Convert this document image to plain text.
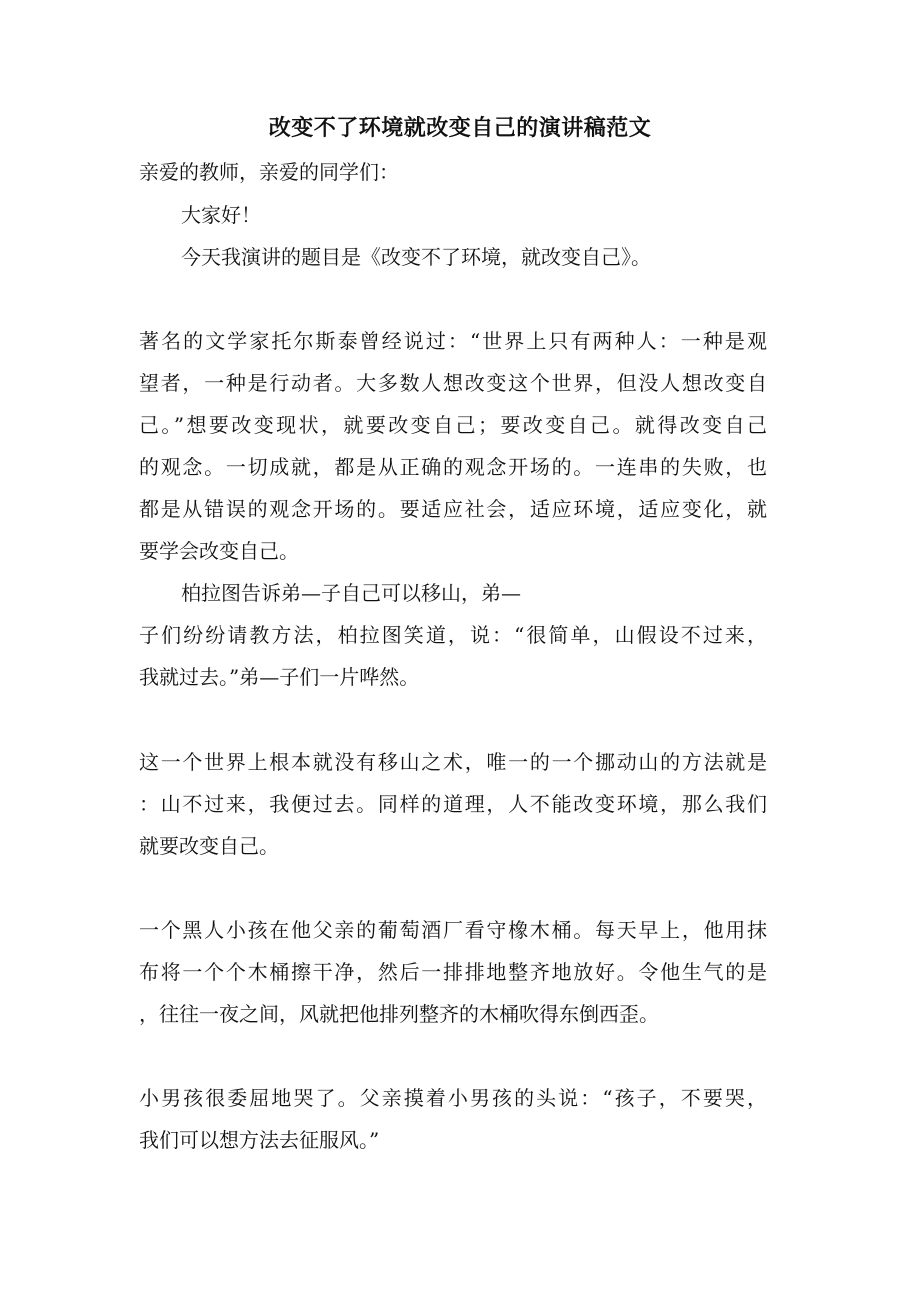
改变不了环境就改变自己的演讲稿范文
亲爱的教师，亲爱的同学们：
大家好！
今天我演讲的题目是《改变不了环境，就改变自己》。
著名的文学家托尔斯泰曾经说过：“世界上只有两种人：一种是观
望者，一种是行动者。大多数人想改变这个世界，但没人想改变自
己。”想要改变现状，就要改变自己；要改变自己。就得改变自己
的观念。一切成就，都是从正确的观念开场的。一连串的失败，也
都是从错误的观念开场的。要适应社会，适应环境，适应变化，就
要学会改变自己。
柏拉图告诉弟—子自己可以移山，弟—
子们纷纷请教方法，柏拉图笑道，说：“很简单，山假设不过来，
我就过去。”弟—子们一片哗然。
这一个世界上根本就没有移山之术，唯一的一个挪动山的方法就是
：山不过来，我便过去。同样的道理，人不能改变环境，那么我们
就要改变自己。
一个黑人小孩在他父亲的葡萄酒厂看守橡木桶。每天早上，他用抹
布将一个个木桶擦干净，然后一排排地整齐地放好。令他生气的是
，往往一夜之间，风就把他排列整齐的木桶吹得东倒西歪。
小男孩很委屈地哭了。父亲摸着小男孩的头说：“孩子，不要哭，
我们可以想方法去征服风。”
